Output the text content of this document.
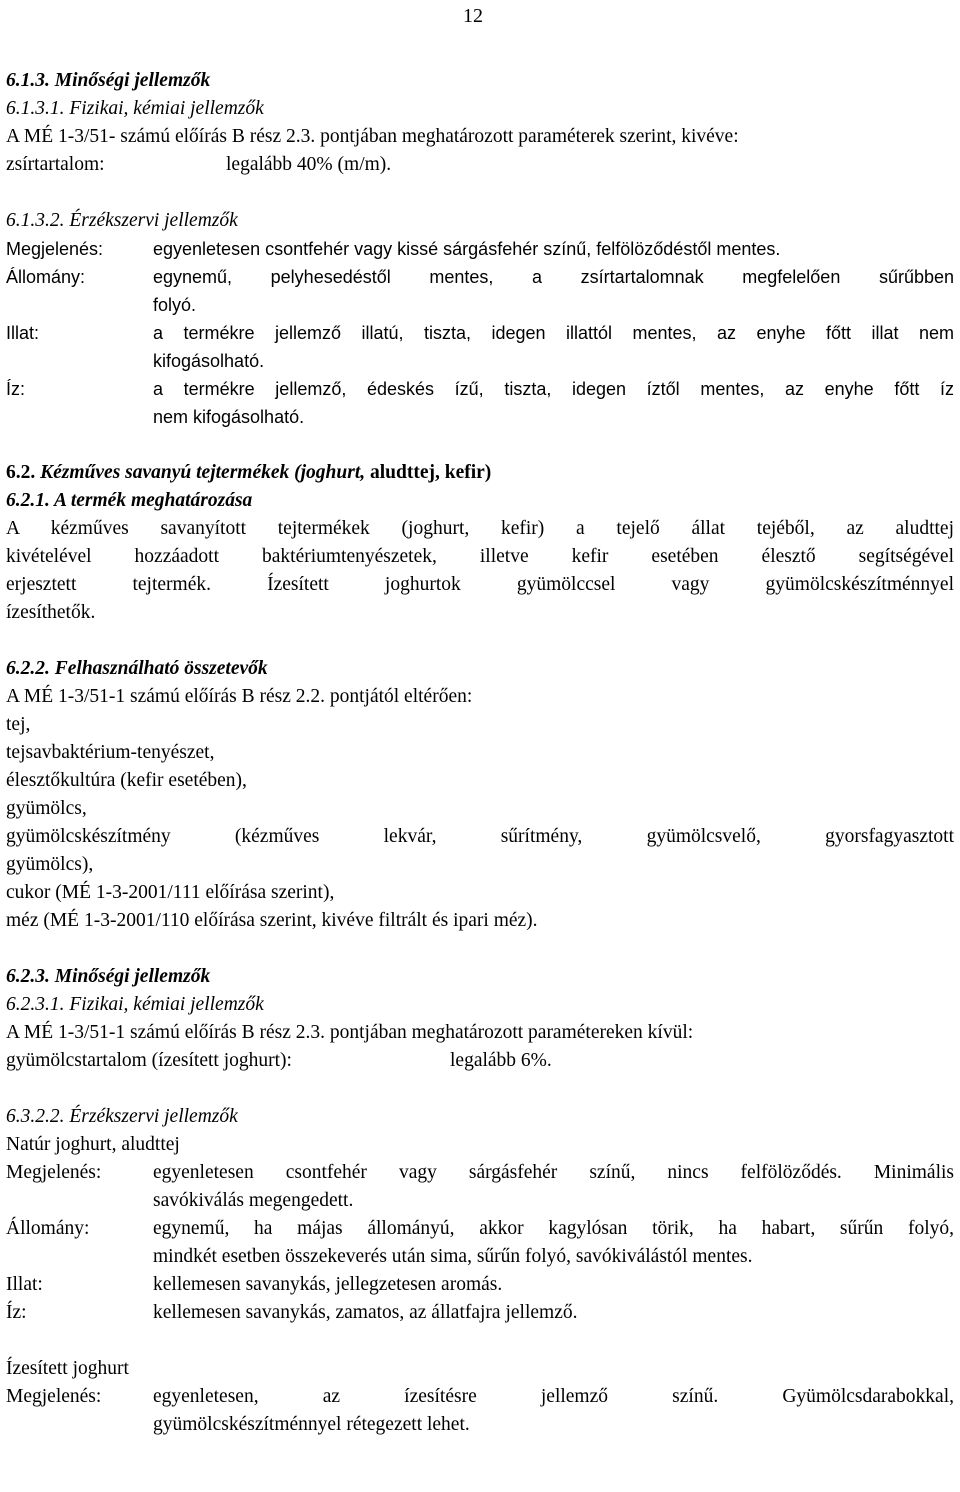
12
6.1.3. Minőségi jellemzők
6.1.3.1. Fizikai, kémiai jellemzők
A MÉ 1-3/51- számú előírás B rész 2.3. pontjában meghatározott paraméterek szerint, kivéve:
zsírtartalom:	legalább 40% (m/m).
6.1.3.2. Érzékszervi jellemzők
Megjelenés:	egyenletesen csontfehér vagy kissé sárgásfehér színű, felfölöződéstől mentes.
Állomány:	egynemű, pelyhesedéstől mentes, a zsírtartalomnak megfelelően sűrűbben
folyó.
Illat:	a termékre jellemző illatú, tiszta, idegen illattól mentes, az enyhe főtt illat nem
kifogásolható.
Íz:	a termékre jellemző, édeskés ízű, tiszta, idegen íztől mentes, az enyhe főtt íz
nem kifogásolható.
6.2. Kézműves savanyú tejtermékek (joghurt, aludttej, kefir)
6.2.1. A termék meghatározása
A kézműves savanyított tejtermékek (joghurt, kefir) a tejelő állat tejéből, az aludttej
kivételével hozzáadott baktériumtenyészetek, illetve kefir esetében élesztő segítségével
erjesztett tejtermék. Ízesített joghurtok gyümölccsel vagy gyümölcskészítménnyel
ízesíthetők.
6.2.2. Felhasználható összetevők
A MÉ 1-3/51-1 számú előírás B rész 2.2. pontjától eltérően:
tej,
tejsavbaktérium-tenyészet,
élesztőkultúra (kefir esetében),
gyümölcs,
gyümölcskészítmény (kézműves lekvár, sűrítmény, gyümölcsvelő, gyorsfagyasztott
gyümölcs),
cukor (MÉ 1-3-2001/111 előírása szerint),
méz (MÉ 1-3-2001/110 előírása szerint, kivéve filtrált és ipari méz).
6.2.3. Minőségi jellemzők
6.2.3.1. Fizikai, kémiai jellemzők
A MÉ 1-3/51-1 számú előírás B rész 2.3. pontjában meghatározott paramétereken kívül:
gyümölcstartalom (ízesített joghurt):	legalább 6%.
6.3.2.2. Érzékszervi jellemzők
Natúr joghurt, aludttej
Megjelenés:	egyenletesen csontfehér vagy sárgásfehér színű, nincs felfölöződés. Minimális
savókiválás megengedett.
Állomány:	egynemű, ha májas állományú, akkor kagylósan törik, ha habart, sűrűn folyó,
mindkét esetben összekeverés után sima, sűrűn folyó, savókiválástól mentes.
Illat:	kellemesen savanykás, jellegzetesen aromás.
Íz:	kellemesen savanykás, zamatos, az állatfajra jellemző.
Ízesített joghurt
Megjelenés:	egyenletesen, az ízesítésre jellemző színű. Gyümölcsdarabokkal,
gyümölcskészítménnyel rétegezett lehet.
